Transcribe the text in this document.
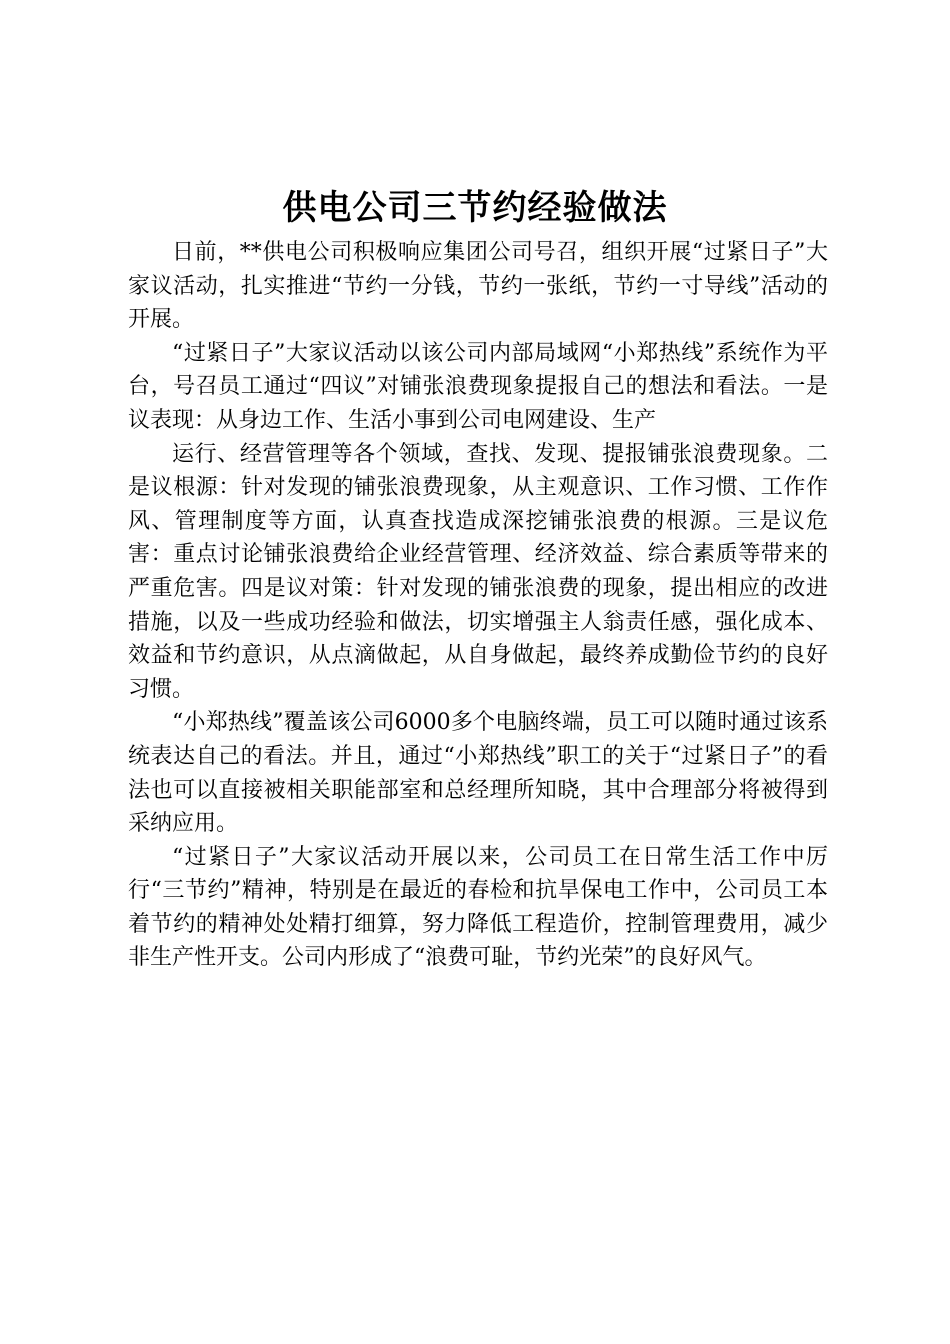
供电公司三节约经验做法

日前，**供电公司积极响应集团公司号召，组织开展“过紧日子”大家议活动，扎实推进“节约一分钱，节约一张纸，节约一寸导线”活动的开展。

“过紧日子”大家议活动以该公司内部局域网“小郑热线”系统作为平台，号召员工通过“四议”对铺张浪费现象提报自己的想法和看法。一是议表现：从身边工作、生活小事到公司电网建设、生产

运行、经营管理等各个领域，查找、发现、提报铺张浪费现象。二是议根源：针对发现的铺张浪费现象，从主观意识、工作习惯、工作作风、管理制度等方面，认真查找造成深挖铺张浪费的根源。三是议危害：重点讨论铺张浪费给企业经营管理、经济效益、综合素质等带来的严重危害。四是议对策：针对发现的铺张浪费的现象，提出相应的改进措施，以及一些成功经验和做法，切实增强主人翁责任感，强化成本、效益和节约意识，从点滴做起，从自身做起，最终养成勤俭节约的良好习惯。

“小郑热线”覆盖该公司6000多个电脑终端，员工可以随时通过该系统表达自己的看法。并且，通过“小郑热线”职工的关于“过紧日子”的看法也可以直接被相关职能部室和总经理所知晓，其中合理部分将被得到采纳应用。

“过紧日子”大家议活动开展以来，公司员工在日常生活工作中厉行“三节约”精神，特别是在最近的春检和抗旱保电工作中，公司员工本着节约的精神处处精打细算，努力降低工程造价，控制管理费用，减少非生产性开支。公司内形成了“浪费可耻，节约光荣”的良好风气。
